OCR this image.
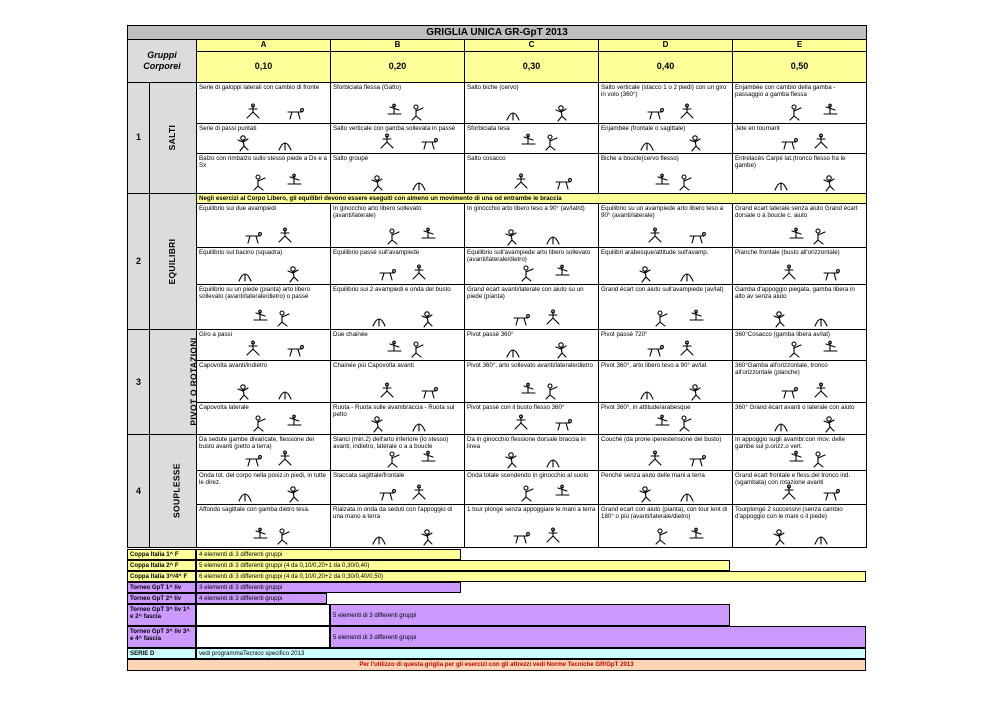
GRIGLIA UNICA GR-GpT 2013						
Gruppi Corporei		A	B	C	D	E
		0,10	0,20	0,30	0,40	0,50
1	SALTI	Serie di galoppi laterali con cambio di fronte	Sforbiciata flessa (Gatto)	Salto biche (cervo)	Salto verticale (stacco 1 o 2 piedi) con un giro in volo (360°)	Enjambée con cambio della gamba - passaggio a gamba flessa

		Serie di passi puntati	Salto verticale con gamba sollevata in passé	Sforbiciata tesa	Enjambée (frontale o sagittale)	Jete en tournant

		Balzo con rimbalzo sullo stesso piede a Dx e a Sx	Salto groupé	Salto cosacco	Biche a boucle(cervo flesso)	Entrelacès Carpé lat.(tronco flesso fra le gambe)

2	EQUILIBRI	Negli esercizi al Corpo Libero, gli equilibri devono essere eseguiti con almeno un movimento di una od entrambe le braccia				

		Equilibrio sui due avampiedi	In ginocchio arto libero sollevato (avanti/laterale)	In ginocchio arto libero teso a 90° (av/lat/d)	Equilibrio su un avampiede arto libero teso a 90° (avanti/laterale)	Grand écart laterale senza aiuto Grand écart dorsale o a boucle c. aiuto

		Equilibrio sul bacino (squadra)	Equilibrio passé sull'avampiede	Equilibrio sull'avampiede arto libero sollevato (avanti/laterale/dietro)	Equilibri arabesque/attitude sull'avamp.	Planche frontale (busto all'orizzontale)

		Equilibrio su un piede (pianta) arto libero sollevato (avanti/laterale/dietro) o passé	Equilibrio sui 2 avampiedi e onda del busto	Grand écart avanti/laterale con aiuto su un piede (pianta)	Grand écart con aiuto sull'avampiede (av/lat)	Gamba d'appoggio piegata, gamba libera in alto av senza aiuto

3	PIVOT O ROTAZIONI	Giro a passi	Due chainée	Pivot passé 360°	Pivot passé 720°	360°Cosacco (gamba libera av/lat)

		Capovolta avanti/indietro	Chainée più Capovolta avanti	Pivot 360°, arto sollevato avanti/laterale/dietro	Pivot 360°, arto libero teso a 90° av/lat	360°Gamba all'orizzontale, tronco all'orizzontale (planche)

		Capovolta laterale	Ruota - Ruota sulle avambraccia - Ruota sul petto	Pivot passé con il busto flesso 360°	Pivot 360°, in attitude/arabesque	360° Grand écart avanti o laterale con aiuto

4	SOUPLESSE	Da sedute gambe divaricate, flessione del busto avanti (petto a terra)	Slanci (min.2) dell'arto inferiore (lo stesso) avanti, indietro, laterale o a a boucle	Da in ginocchio flessione dorsale braccia in linea	Couché (da prone iperestensione del busto)	In appoggio sugli avambr.con mov. delle gambe sul p.orizz.o vert.

		Onda tot. del corpo nella posiz.in piedi, in tutte le direz.	Staccata sagittale/frontale	Onda totale scendendo in ginocchio al suolo	Penché senza aiuto delle mani a terra	Grand écart frontale e fless.del tronco ind.(sgambata) con rotazione avanti

		Affondo sagittale con gamba dietro tesa.	Rialzata in onda da seduti con l'appoggio di una mano a terra	1 tour plongé senza appoggiare le mani a terra	Grand ecart con aiuto (pianta), con tour lent di 180° o più (avanti/laterale/dietro)	Tourplongé 2 successivi (senza cambio d'appoggio con le mani o il piede)
Coppa Italia 1^ F	4 elementi di 3 differenti gruppi
Coppa Italia 2^ F	5 elementi di 3 differenti gruppi (4 da 0,10/0,20+1 da 0,30/0,40)
Coppa Italia 3^/4^ F	6 elementi di 3 differenti gruppi (4 da 0,10/0,20+2 da 0,30/0,40/0,50)
Torneo GpT 1^ liv	3 elementi di 3 differenti gruppi
Torneo GpT 2^ liv	4 elementi di 3 differenti gruppi
Torneo GpT 3^ liv 1^ e 2^ fascia	5 elementi di 3 differenti gruppi
Torneo GpT 3^ liv 3^ e 4^ fascia	5 elementi di 3 differenti gruppi
SERIE D	vedi programmaTecnico specifico 2013
Per l'utilizzo di questa griglia per gli esercizi con gli attrezzi vedi Norme Tecniche GR/GpT 2013
